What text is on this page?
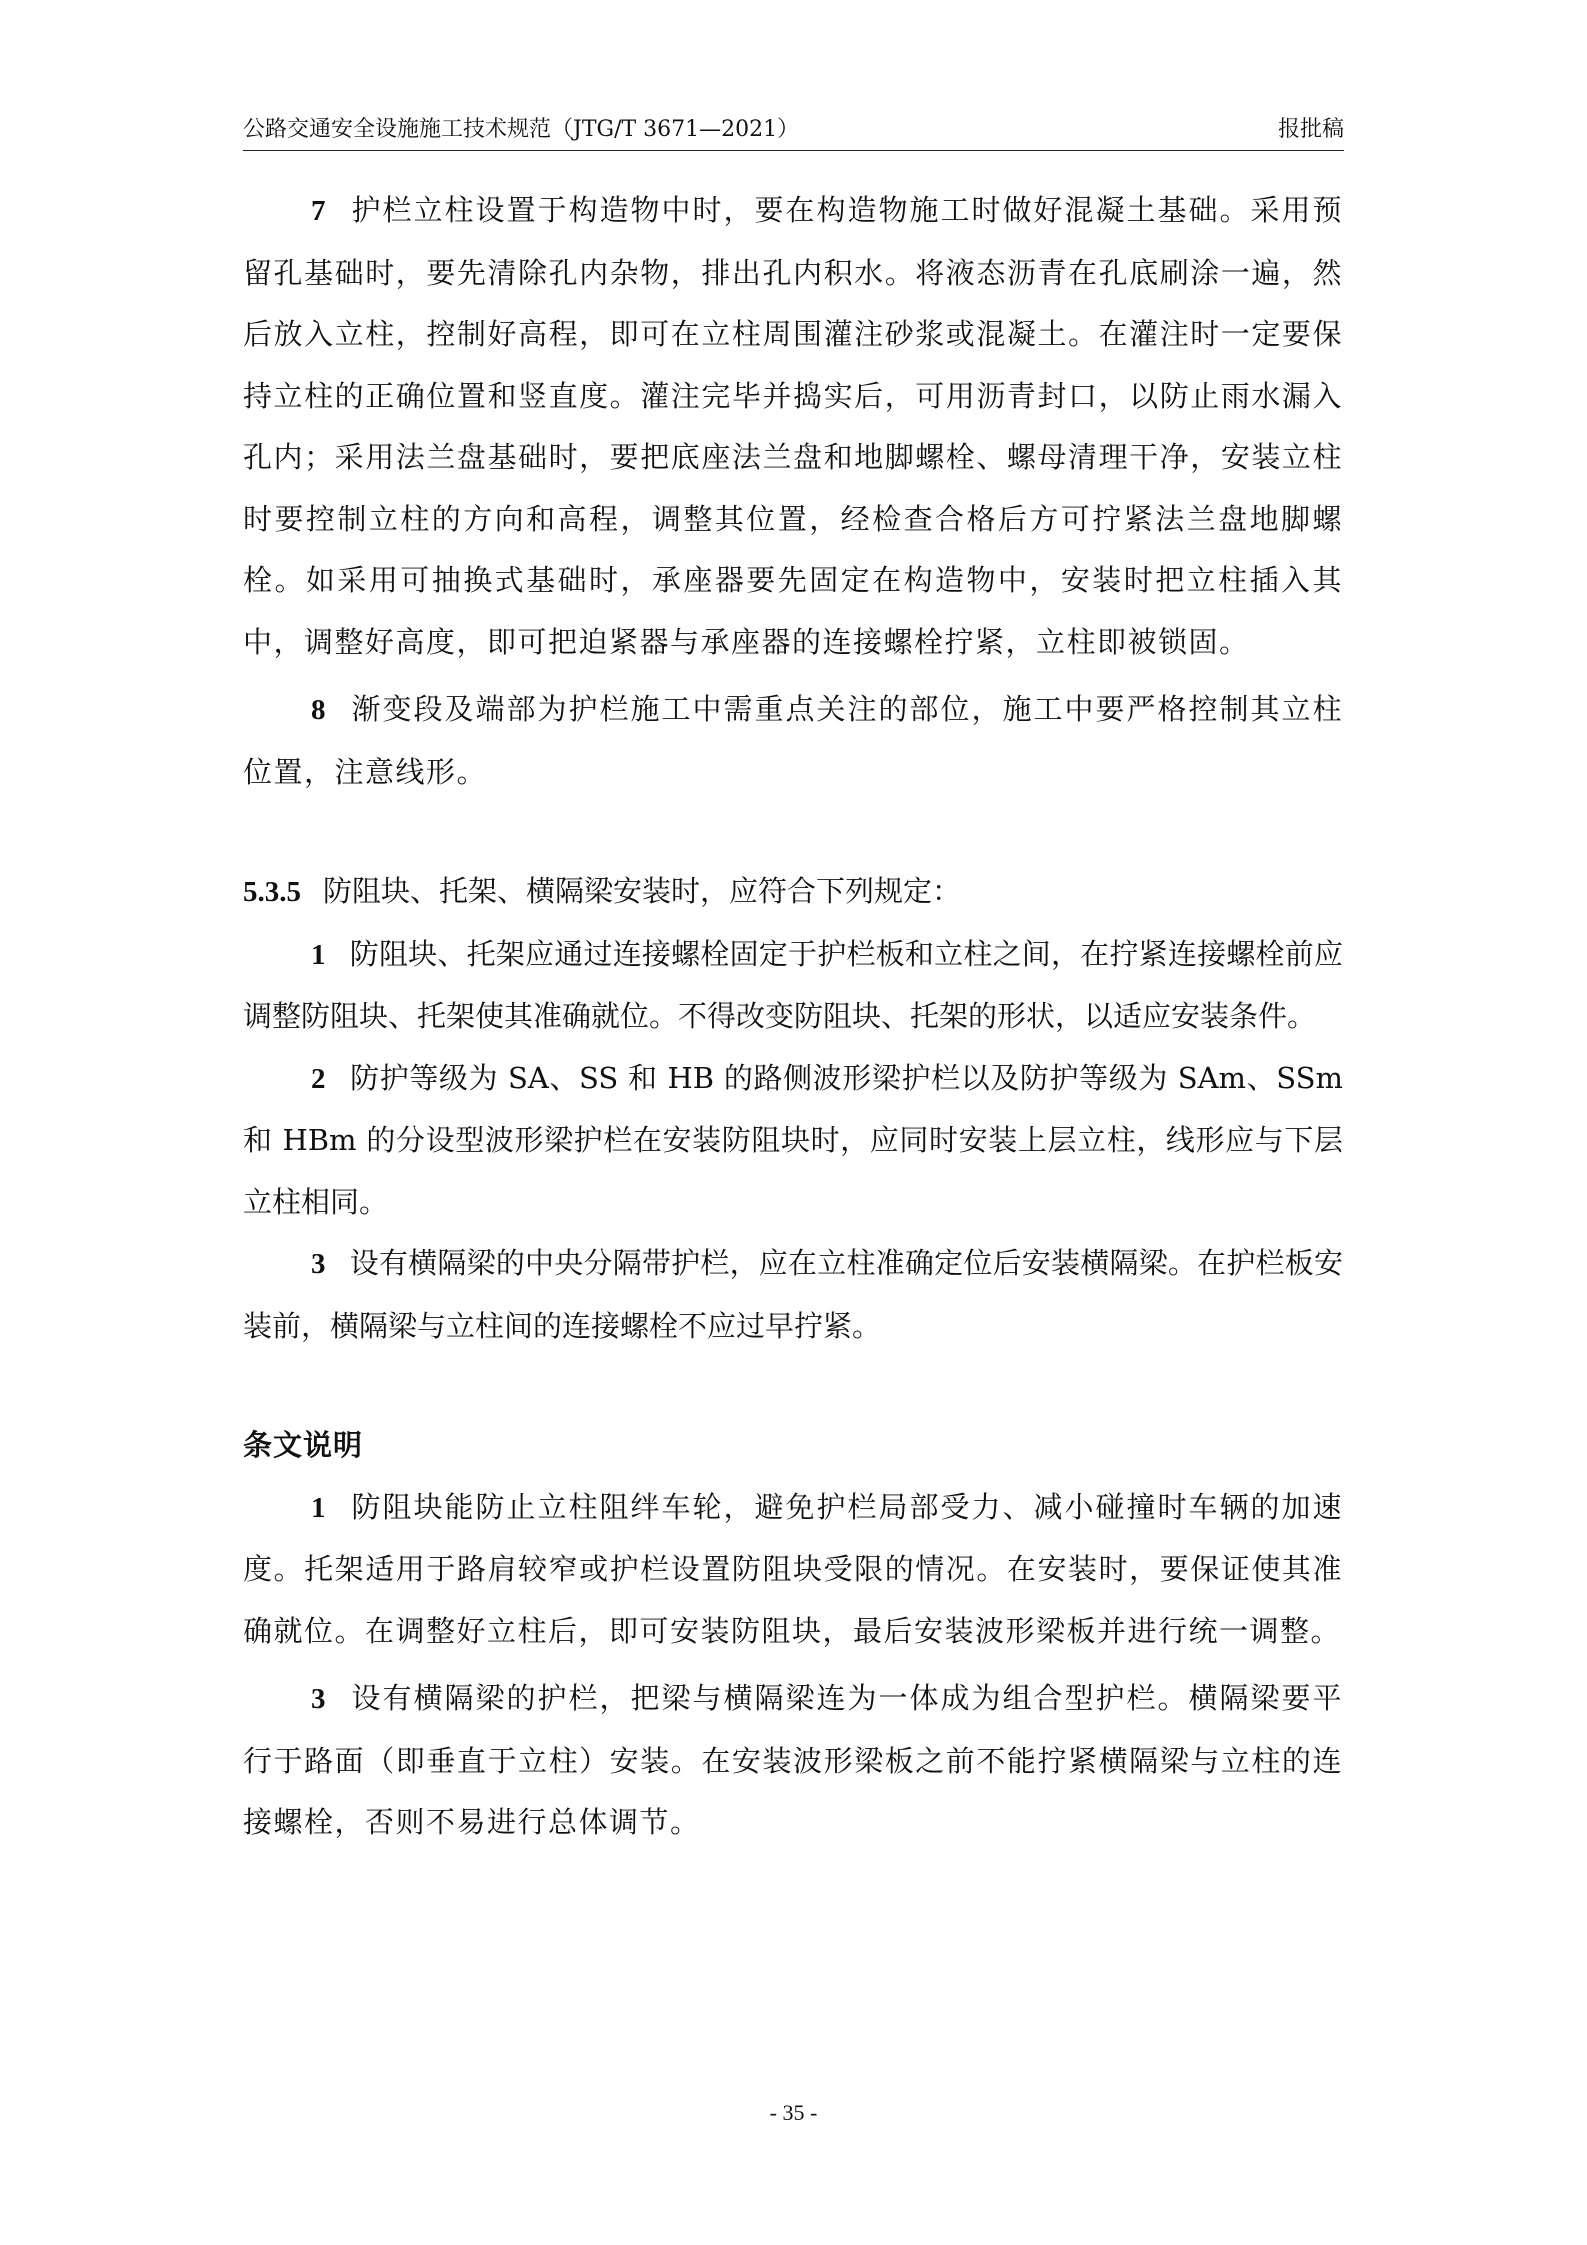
公路交通安全设施施工技术规范（JTG/T 3671—2021）	报批稿

7 护栏立柱设置于构造物中时，要在构造物施工时做好混凝土基础。采用预留孔基础时，要先清除孔内杂物，排出孔内积水。将液态沥青在孔底刷涂一遍，然后放入立柱，控制好高程，即可在立柱周围灌注砂浆或混凝土。在灌注时一定要保持立柱的正确位置和竖直度。灌注完毕并捣实后，可用沥青封口，以防止雨水漏入孔内；采用法兰盘基础时，要把底座法兰盘和地脚螺栓、螺母清理干净，安装立柱时要控制立柱的方向和高程，调整其位置，经检查合格后方可拧紧法兰盘地脚螺栓。如采用可抽换式基础时，承座器要先固定在构造物中，安装时把立柱插入其中，调整好高度，即可把迫紧器与承座器的连接螺栓拧紧，立柱即被锁固。

8 渐变段及端部为护栏施工中需重点关注的部位，施工中要严格控制其立柱位置，注意线形。

5.3.5 防阻块、托架、横隔梁安装时，应符合下列规定：

1 防阻块、托架应通过连接螺栓固定于护栏板和立柱之间，在拧紧连接螺栓前应调整防阻块、托架使其准确就位。不得改变防阻块、托架的形状，以适应安装条件。

2 防护等级为 SA、SS 和 HB 的路侧波形梁护栏以及防护等级为 SAm、SSm 和 HBm 的分设型波形梁护栏在安装防阻块时，应同时安装上层立柱，线形应与下层立柱相同。

3 设有横隔梁的中央分隔带护栏，应在立柱准确定位后安装横隔梁。在护栏板安装前，横隔梁与立柱间的连接螺栓不应过早拧紧。

条文说明

1 防阻块能防止立柱阻绊车轮，避免护栏局部受力、减小碰撞时车辆的加速度。托架适用于路肩较窄或护栏设置防阻块受限的情况。在安装时，要保证使其准确就位。在调整好立柱后，即可安装防阻块，最后安装波形梁板并进行统一调整。

3 设有横隔梁的护栏，把梁与横隔梁连为一体成为组合型护栏。横隔梁要平行于路面（即垂直于立柱）安装。在安装波形梁板之前不能拧紧横隔梁与立柱的连接螺栓，否则不易进行总体调节。

- 35 -
